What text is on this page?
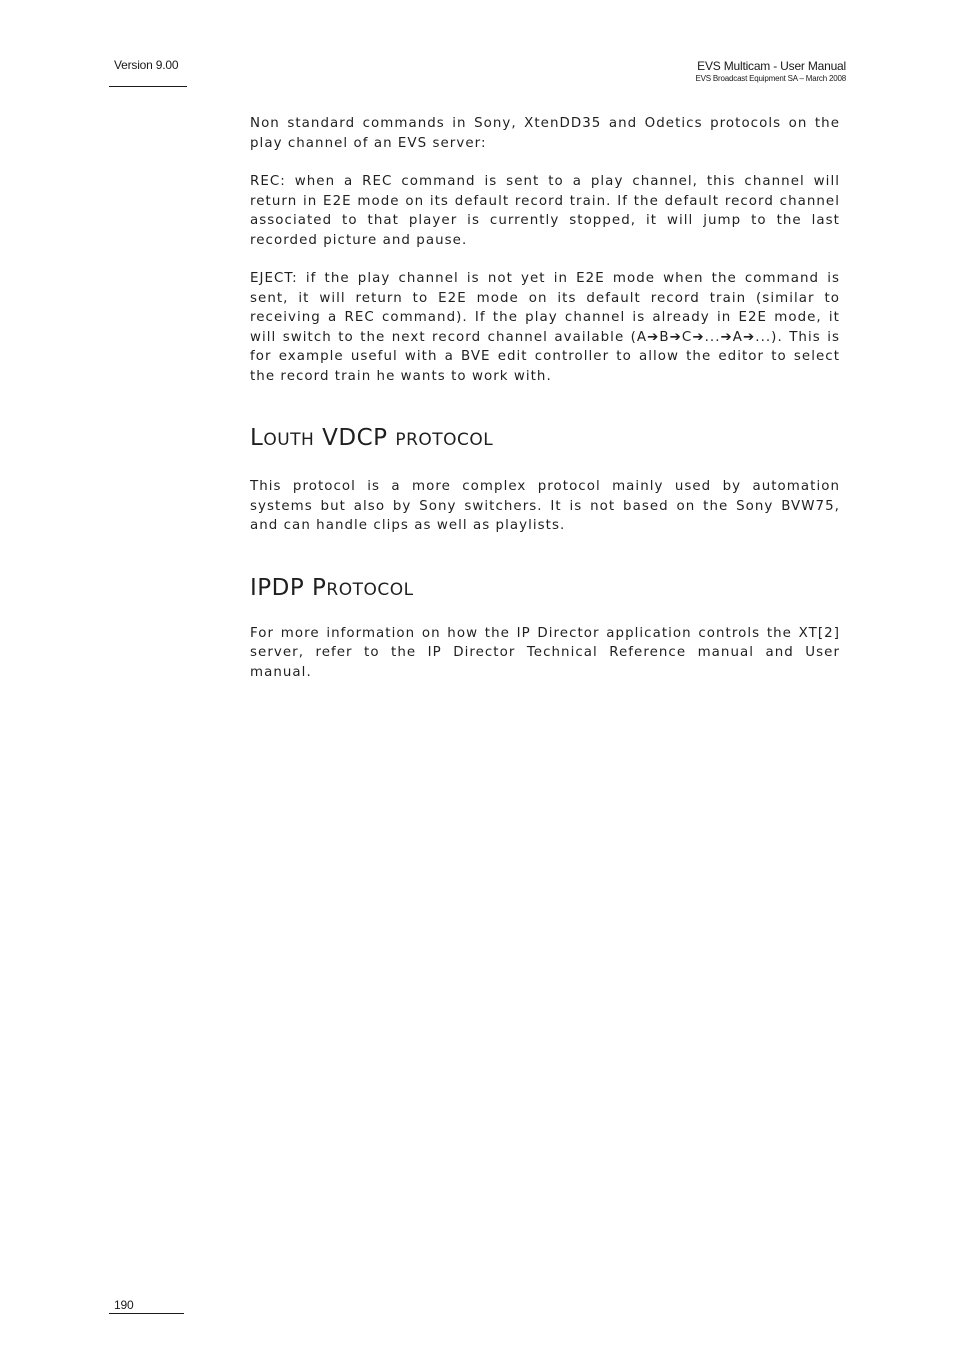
Version 9.00	EVS Multicam - User Manual
EVS Broadcast Equipment SA – March 2008

Non standard commands in Sony, XtenDD35 and Odetics protocols on the play channel of an EVS server:

REC: when a REC command is sent to a play channel, this channel will return in E2E mode on its default record train. If the default record channel associated to that player is currently stopped, it will jump to the last recorded picture and pause.

EJECT: if the play channel is not yet in E2E mode when the command is sent, it will return to E2E mode on its default record train (similar to receiving a REC command). If the play channel is already in E2E mode, it will switch to the next record channel available (A➔B➔C➔...➔A➔...). This is for example useful with a BVE edit controller to allow the editor to select the record train he wants to work with.

LOUTH VDCP PROTOCOL

This protocol is a more complex protocol mainly used by automation systems but also by Sony switchers. It is not based on the Sony BVW75, and can handle clips as well as playlists.

IPDP PROTOCOL

For more information on how the IP Director application controls the XT[2] server, refer to the IP Director Technical Reference manual and User manual.

190
